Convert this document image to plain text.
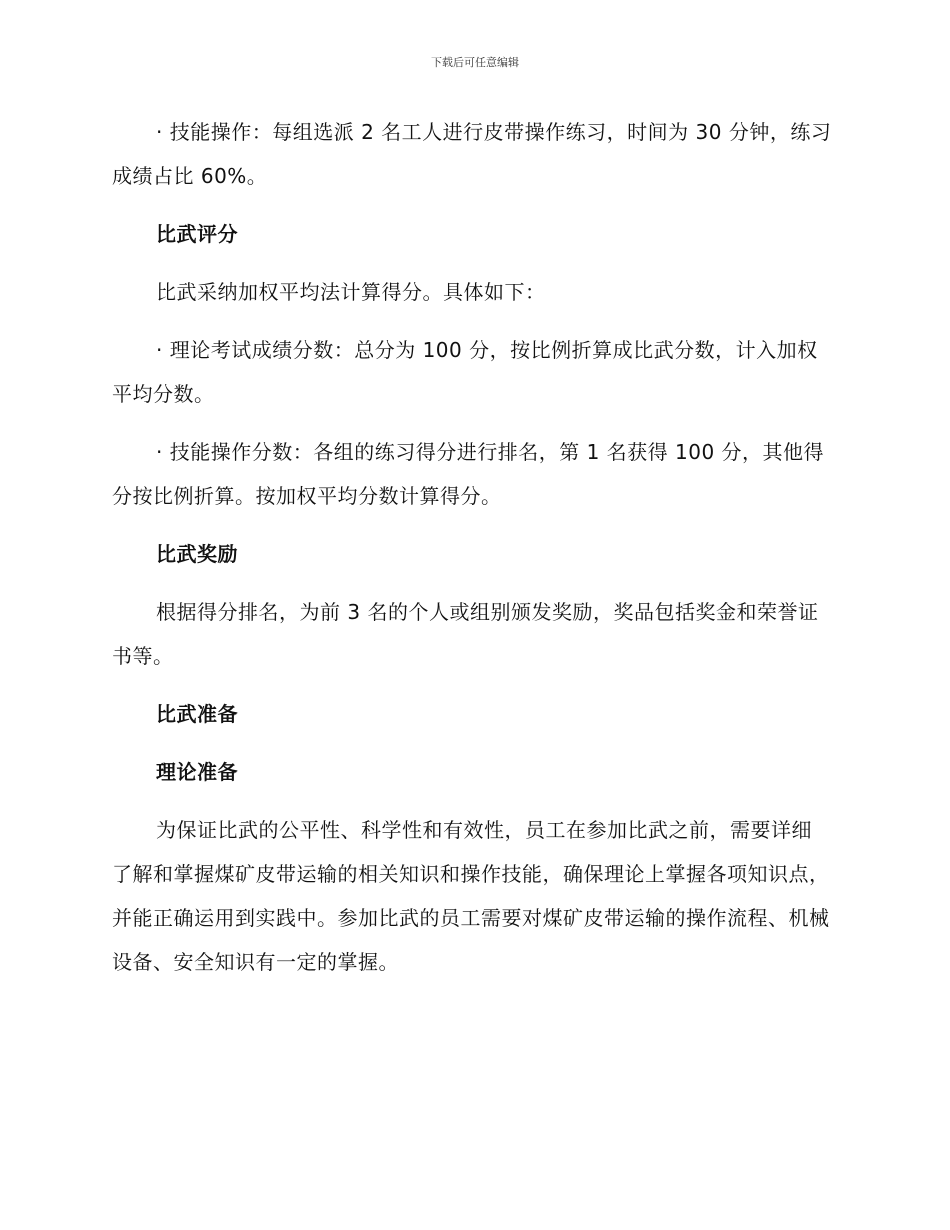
下载后可任意编辑

· 技能操作：每组选派 2 名工人进行皮带操作练习，时间为 30 分钟，练习成绩占比 60%。

比武评分

比武采纳加权平均法计算得分。具体如下：

· 理论考试成绩分数：总分为 100 分，按比例折算成比武分数，计入加权平均分数。

· 技能操作分数：各组的练习得分进行排名，第 1 名获得 100 分，其他得分按比例折算。按加权平均分数计算得分。

比武奖励

根据得分排名，为前 3 名的个人或组别颁发奖励，奖品包括奖金和荣誉证书等。

比武准备

理论准备

为保证比武的公平性、科学性和有效性，员工在参加比武之前，需要详细了解和掌握煤矿皮带运输的相关知识和操作技能，确保理论上掌握各项知识点，并能正确运用到实践中。参加比武的员工需要对煤矿皮带运输的操作流程、机械设备、安全知识有一定的掌握。
